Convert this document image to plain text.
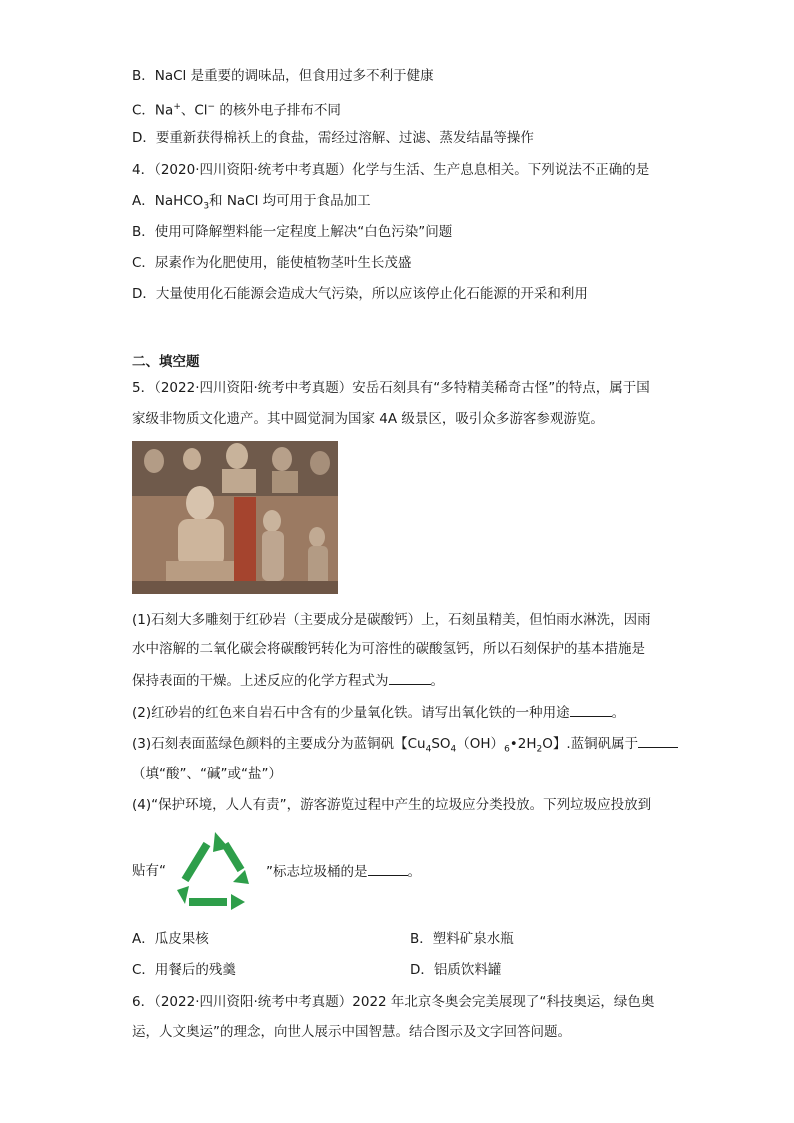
B．NaCl 是重要的调味品，但食用过多不利于健康
C．Na+、Cl− 的核外电子排布不同
D．要重新获得棉袄上的食盐，需经过溶解、过滤、蒸发结晶等操作
4．（2020·四川资阳·统考中考真题）化学与生活、生产息息相关。下列说法不正确的是
A．NaHCO$_3$和 NaCl 均可用于食品加工
B．使用可降解塑料能一定程度上解决“白色污染”问题
C．尿素作为化肥使用，能使植物茎叶生长茂盛
D．大量使用化石能源会造成大气污染，所以应该停止化石能源的开采和利用
二、填空题
5．（2022·四川资阳·统考中考真题）安岳石刻具有“多特精美稀奇古怪”的特点，属于国
家级非物质文化遗产。其中圆觉洞为国家 4A 级景区，吸引众多游客参观游览。
(1)石刻大多雕刻于红砂岩（主要成分是碳酸钙）上，石刻虽精美，但怕雨水淋洗，因雨
水中溶解的二氧化碳会将碳酸钙转化为可溶性的碳酸氢钙，所以石刻保护的基本措施是
保持表面的干燥。上述反应的化学方程式为	。
(2)红砂岩的红色来自岩石中含有的少量氧化铁。请写出氧化铁的一种用途	。
(3)石刻表面蓝绿色颜料的主要成分为蓝铜矾【$Cu_4SO_4(OH)_6•2H_2O$】.蓝铜矾属于
（填“酸”、“碱”或“盐”）
(4)“保护环境，人人有责”，游客游览过程中产生的垃圾应分类投放。下列垃圾应投放到
贴有“	”标志垃圾桶的是	。
A．瓜皮果核	B．塑料矿泉水瓶
C．用餐后的残羹	D．铝质饮料罐
6．（2022·四川资阳·统考中考真题）2022 年北京冬奥会完美展现了“科技奥运，绿色奥
运，人文奥运”的理念，向世人展示中国智慧。结合图示及文字回答问题。
